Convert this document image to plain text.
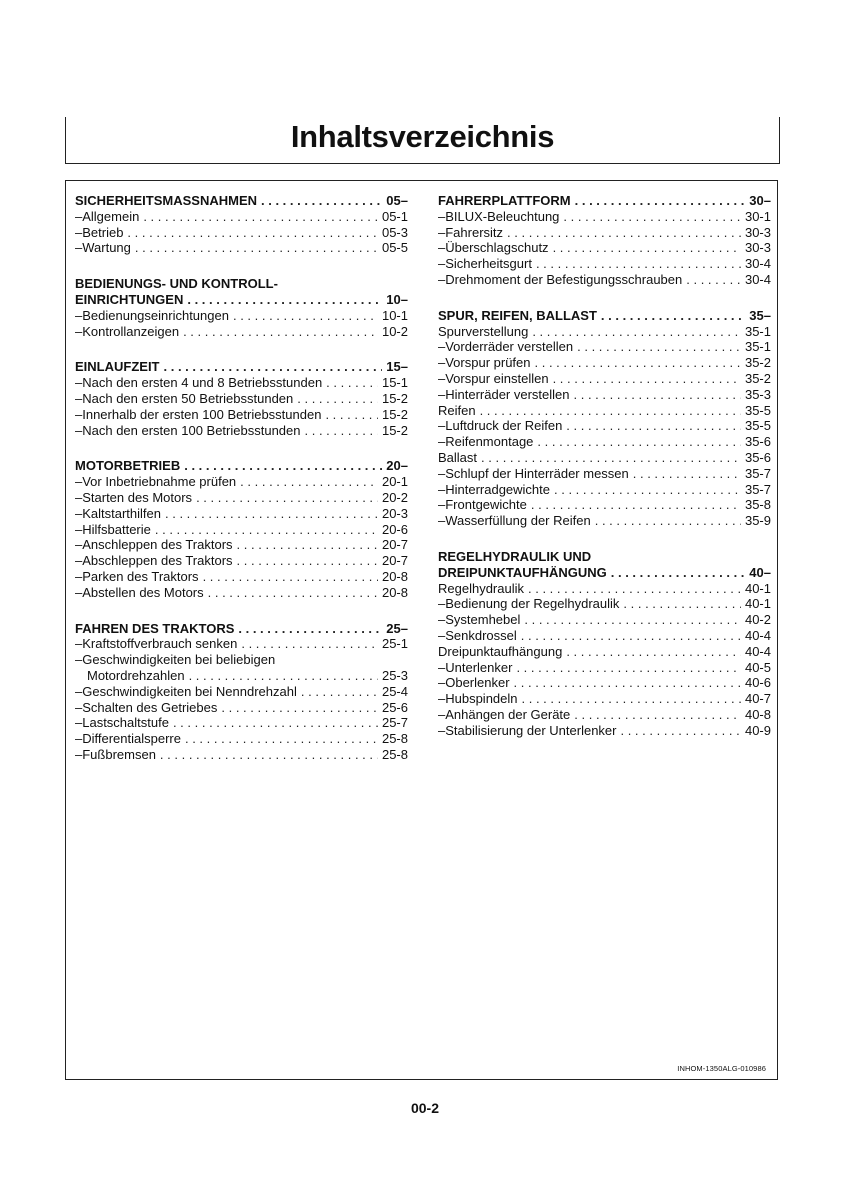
Inhaltsverzeichnis
SICHERHEITSMASSNAHMEN . . .	05–
–Allgemein . . .	05-1
–Betrieb . . .	05-3
–Wartung . . .	05-5
BEDIENUNGS- UND KONTROLL-
EINRICHTUNGEN . . .	10–
–Bedienungseinrichtungen . . .	10-1
–Kontrollanzeigen . . .	10-2
EINLAUFZEIT . . .	15–
–Nach den ersten 4 und 8 Betriebsstunden . . .	15-1
–Nach den ersten 50 Betriebsstunden . . .	15-2
–Innerhalb der ersten 100 Betriebsstunden . . .	15-2
–Nach den ersten 100 Betriebsstunden . . .	15-2
MOTORBETRIEB . . .	20–
–Vor Inbetriebnahme prüfen . . .	20-1
–Starten des Motors . . .	20-2
–Kaltstarthilfen . . .	20-3
–Hilfsbatterie . . .	20-6
–Anschleppen des Traktors . . .	20-7
–Abschleppen des Traktors . . .	20-7
–Parken des Traktors . . .	20-8
–Abstellen des Motors . . .	20-8
FAHREN DES TRAKTORS . . .	25–
–Kraftstoffverbrauch senken . . .	25-1
–Geschwindigkeiten bei beliebigen
Motordrehzahlen . . .	25-3
–Geschwindigkeiten bei Nenndrehzahl . . .	25-4
–Schalten des Getriebes . . .	25-6
–Lastschaltstufe . . .	25-7
–Differentialsperre . . .	25-8
–Fußbremsen . . .	25-8
FAHRERPLATTFORM . . .	30–
–BILUX-Beleuchtung . . .	30-1
–Fahrersitz . . .	30-3
–Überschlagschutz . . .	30-3
–Sicherheitsgurt . . .	30-4
–Drehmoment der Befestigungsschrauben . . .	30-4
SPUR, REIFEN, BALLAST . . .	35–
Spurverstellung . . .	35-1
–Vorderräder verstellen . . .	35-1
–Vorspur prüfen . . .	35-2
–Vorspur einstellen . . .	35-2
–Hinterräder verstellen . . .	35-3
Reifen . . .	35-5
–Luftdruck der Reifen . . .	35-5
–Reifenmontage . . .	35-6
Ballast . . .	35-6
–Schlupf der Hinterräder messen . . .	35-7
–Hinterradgewichte . . .	35-7
–Frontgewichte . . .	35-8
–Wasserfüllung der Reifen . . .	35-9
REGELHYDRAULIK UND
DREIPUNKTAUFHÄNGUNG . . .	40–
Regelhydraulik . . .	40-1
–Bedienung der Regelhydraulik . . .	40-1
–Systemhebel . . .	40-2
–Senkdrossel . . .	40-4
Dreipunktaufhängung . . .	40-4
–Unterlenker . . .	40-5
–Oberlenker . . .	40-6
–Hubspindeln . . .	40-7
–Anhängen der Geräte . . .	40-8
–Stabilisierung der Unterlenker . . .	40-9
INHOM-1350ALG-010986
00-2
